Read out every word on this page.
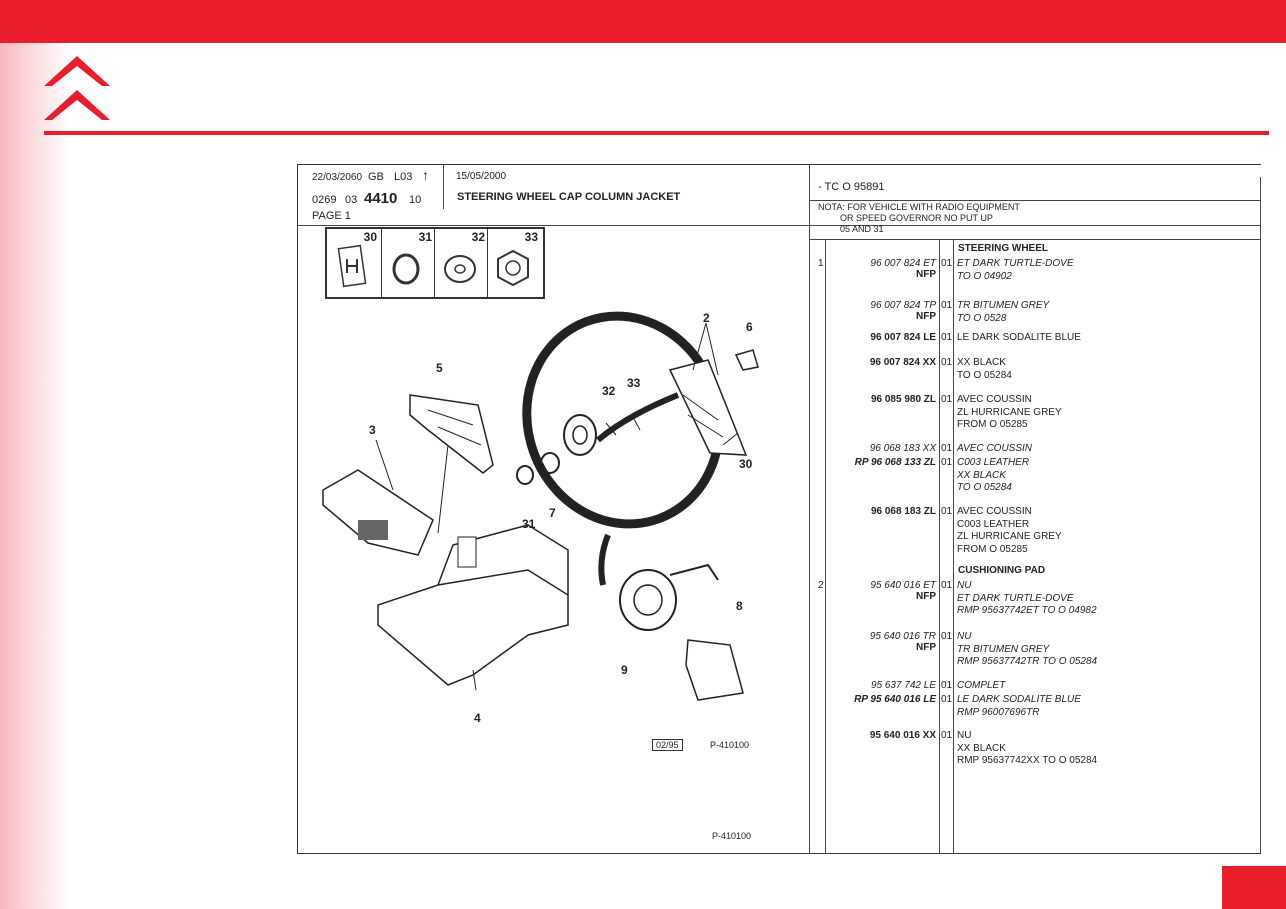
22/03/2060 GB L03 ↑
0269 03 4410 10
PAGE 1
15/05/2000
STEERING WHEEL CAP COLUMN JACKET
- TC O 95891
NOTA: FOR VEHICLE WITH RADIO EQUIPMENT
OR SPEED GOVERNOR NO PUT UP
05 AND 31
30	31	32	33
2
6
5
32
33
3
30
31
7
8
9
4
02/95	P-410100
P-410100
STEERING WHEEL
1	96 007 824 ET 01
NFP
ET DARK TURTLE-DOVE
TO O 04902
96 007 824 TP 01
NFP
TR BITUMEN GREY
TO O 0528
96 007 824 LE 01 LE DARK SODALITE BLUE
96 007 824 XX 01 XX BLACK
TO O 05284
96 085 980 ZL 01 AVEC COUSSIN
ZL HURRICANE GREY
FROM O 05285
96 068 183 XX 01 AVEC COUSSIN
RP 96 068 133 ZL 01 C003 LEATHER
XX BLACK
TO O 05284
96 068 183 ZL 01 AVEC COUSSIN
C003 LEATHER
ZL HURRICANE GREY
FROM O 05285
CUSHIONING PAD
2	95 640 016 ET 01
NFP
NU
ET DARK TURTLE-DOVE
RMP 95637742ET TO O 04982
95 640 016 TR 01
NFP
NU
TR BITUMEN GREY
RMP 95637742TR TO O 05284
95 637 742 LE 01 COMPLET
RP 95 640 016 LE 01 LE DARK SODALITE BLUE
RMP 96007696TR
95 640 016 XX 01 NU
XX BLACK
RMP 95637742XX TO O 05284
